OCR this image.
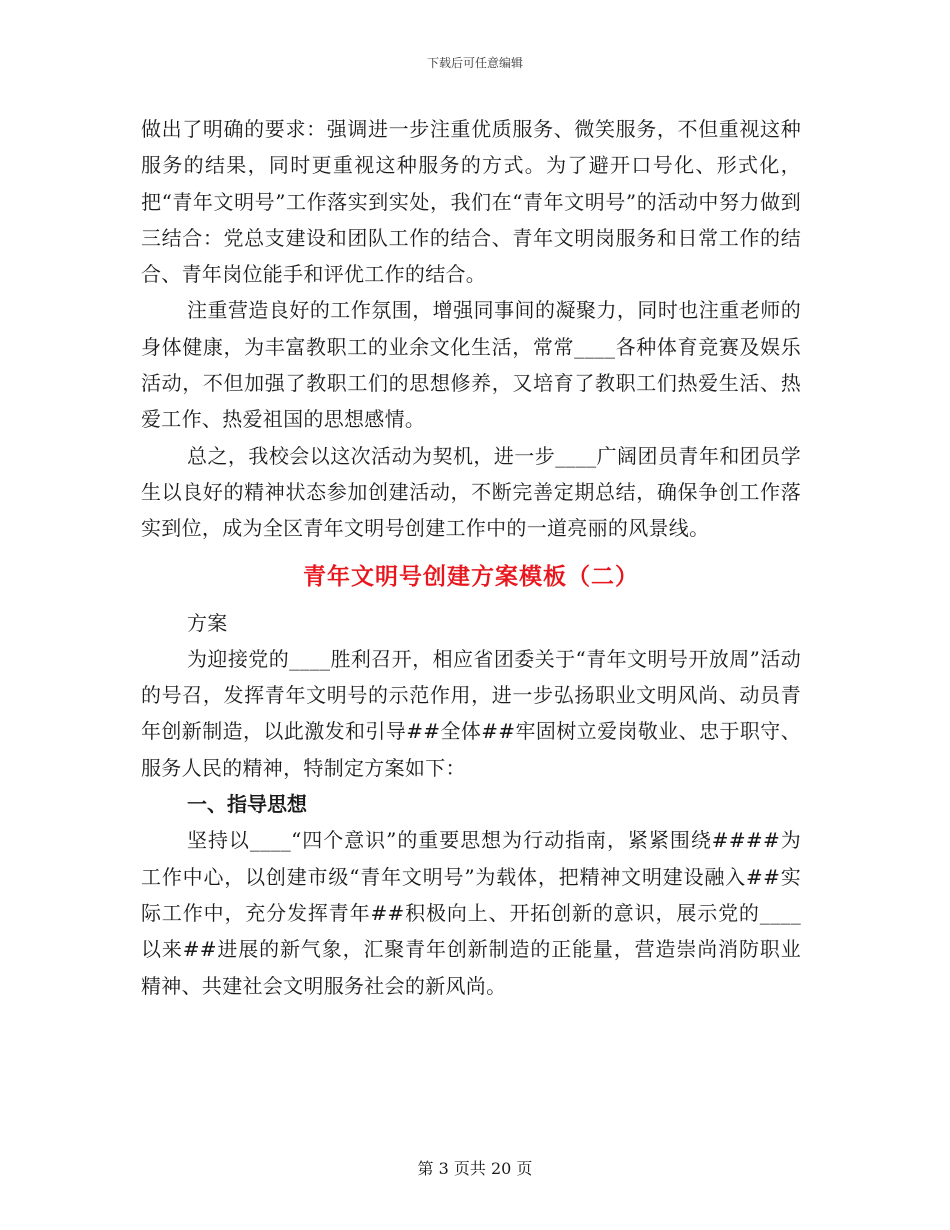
下载后可任意编辑

做出了明确的要求：强调进一步注重优质服务、微笑服务，不但重视这种服务的结果，同时更重视这种服务的方式。为了避开口号化、形式化，把“青年文明号”工作落实到实处，我们在“青年文明号”的活动中努力做到三结合：党总支建设和团队工作的结合、青年文明岗服务和日常工作的结合、青年岗位能手和评优工作的结合。

注重营造良好的工作氛围，增强同事间的凝聚力，同时也注重老师的身体健康，为丰富教职工的业余文化生活，常常____各种体育竞赛及娱乐活动，不但加强了教职工们的思想修养，又培育了教职工们热爱生活、热爱工作、热爱祖国的思想感情。

总之，我校会以这次活动为契机，进一步____广阔团员青年和团员学生以良好的精神状态参加创建活动，不断完善定期总结，确保争创工作落实到位，成为全区青年文明号创建工作中的一道亮丽的风景线。

青年文明号创建方案模板（二）

方案

为迎接党的____胜利召开，相应省团委关于“青年文明号开放周”活动的号召，发挥青年文明号的示范作用，进一步弘扬职业文明风尚、动员青年创新制造，以此激发和引导##全体##牢固树立爱岗敬业、忠于职守、服务人民的精神，特制定方案如下：

一、指导思想

坚持以____“四个意识”的重要思想为行动指南，紧紧围绕####为工作中心，以创建市级“青年文明号”为载体，把精神文明建设融入##实际工作中，充分发挥青年##积极向上、开拓创新的意识，展示党的____以来##进展的新气象，汇聚青年创新制造的正能量，营造崇尚消防职业精神、共建社会文明服务社会的新风尚。

第 3 页共 20 页
